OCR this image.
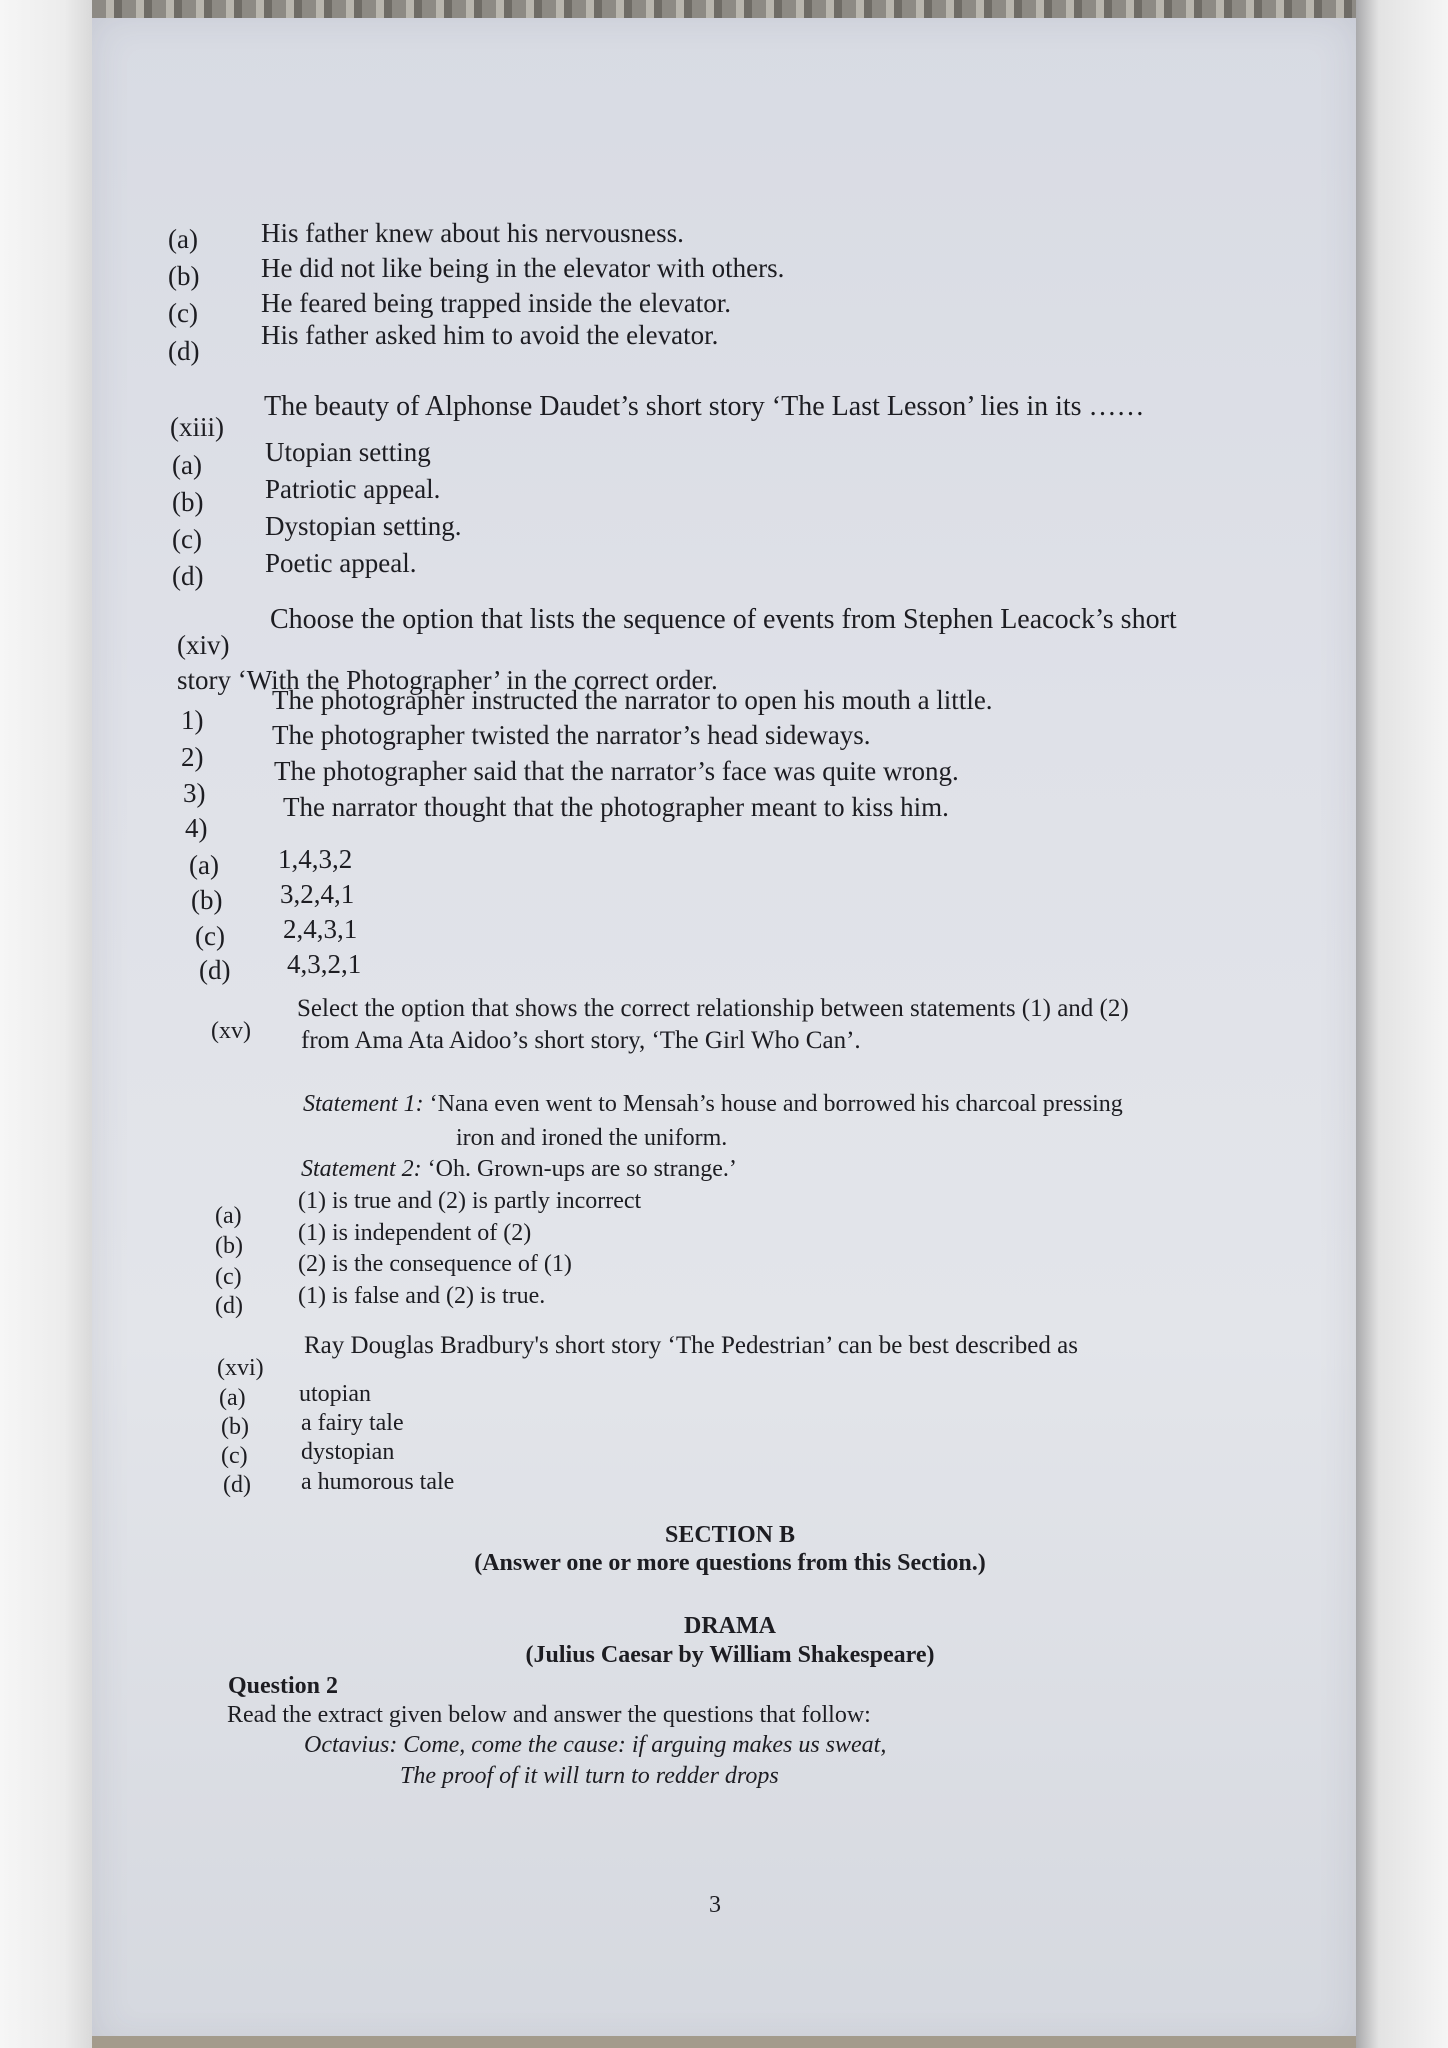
(a) His father knew about his nervousness.
(b) He did not like being in the elevator with others.
(c) He feared being trapped inside the elevator.
(d)
His father asked him to avoid the elevator.
(xiii)
The beauty of Alphonse Daudet’s short story ‘The Last Lesson’ lies in its ……
(a) Utopian setting
(b) Patriotic appeal.
(c) Dystopian setting.
(d) Poetic appeal.
(xiv)
Choose the option that lists the sequence of events from Stephen Leacock’s short
story ‘With the Photographer’ in the correct order.
1)
The photographer instructed the narrator to open his mouth a little.
2)
The photographer twisted the narrator’s head sideways.
3)
The photographer said that the narrator’s face was quite wrong.
4)
The narrator thought that the photographer meant to kiss him.
(a) 1,4,3,2
(b) 3,2,4,1
(c) 2,4,3,1
(d) 4,3,2,1
(xv)
Select the option that shows the correct relationship between statements (1) and (2)
from Ama Ata Aidoo’s short story, ‘The Girl Who Can’.
Statement 1: ‘Nana even went to Mensah’s house and borrowed his charcoal pressing
iron and ironed the uniform.
Statement 2: ‘Oh. Grown-ups are so strange.’
(a)
(1) is true and (2) is partly incorrect
(b) (1) is independent of (2)
(c) (2) is the consequence of (1)
(d) (1) is false and (2) is true.
(xvi)
Ray Douglas Bradbury's short story ‘The Pedestrian’ can be best described as
(a) utopian
(b) a fairy tale
(c) dystopian
(d) a humorous tale
SECTION B
(Answer one or more questions from this Section.)
DRAMA
(Julius Caesar by William Shakespeare)
Question 2
Read the extract given below and answer the questions that follow:
Octavius: Come, come the cause: if arguing makes us sweat,
The proof of it will turn to redder drops
3
